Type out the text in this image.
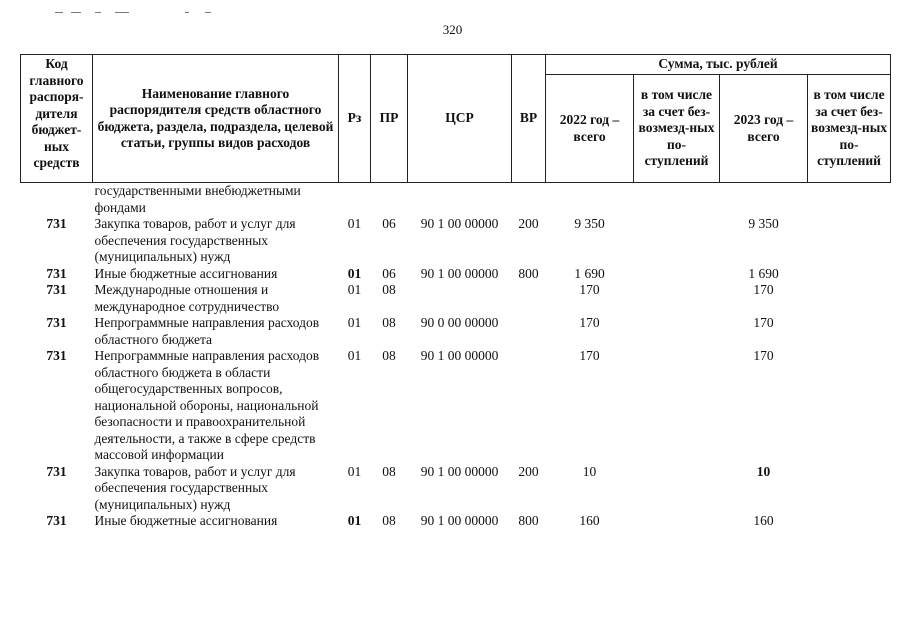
320
Код главного распоря-дителя бюджет-ных средств	Наименование главного распорядителя средств областного бюджета, раздела, подраздела, целевой статьи, группы видов расходов	Рз	ПР	ЦСР	ВР	Сумма, тыс. рублей			
						2022 год – всего	в том числе за счет без-возмезд-ных по-ступлений	2023 год – всего	в том числе за счет без-возмезд-ных по-ступлений
	государственными внебюджетными фондами								
731	Закупка товаров, работ и услуг для обеспечения государственных (муниципальных) нужд	01	06	90 1 00 00000	200	9 350		9 350	
731	Иные бюджетные ассигнования	01	06	90 1 00 00000	800	1 690		1 690	
731	Международные отношения и международное сотрудничество	01	08			170		170	
731	Непрограммные направления расходов областного бюджета	01	08	90 0 00 00000		170		170	
731	Непрограммные направления расходов областного бюджета в области общегосударственных вопросов, национальной обороны, национальной безопасности и правоохранительной деятельности, а также в сфере средств массовой информации	01	08	90 1 00 00000		170		170	
731	Закупка товаров, работ и услуг для обеспечения государственных (муниципальных) нужд	01	08	90 1 00 00000	200	10		10	
731	Иные бюджетные ассигнования	01	08	90 1 00 00000	800	160		160	
